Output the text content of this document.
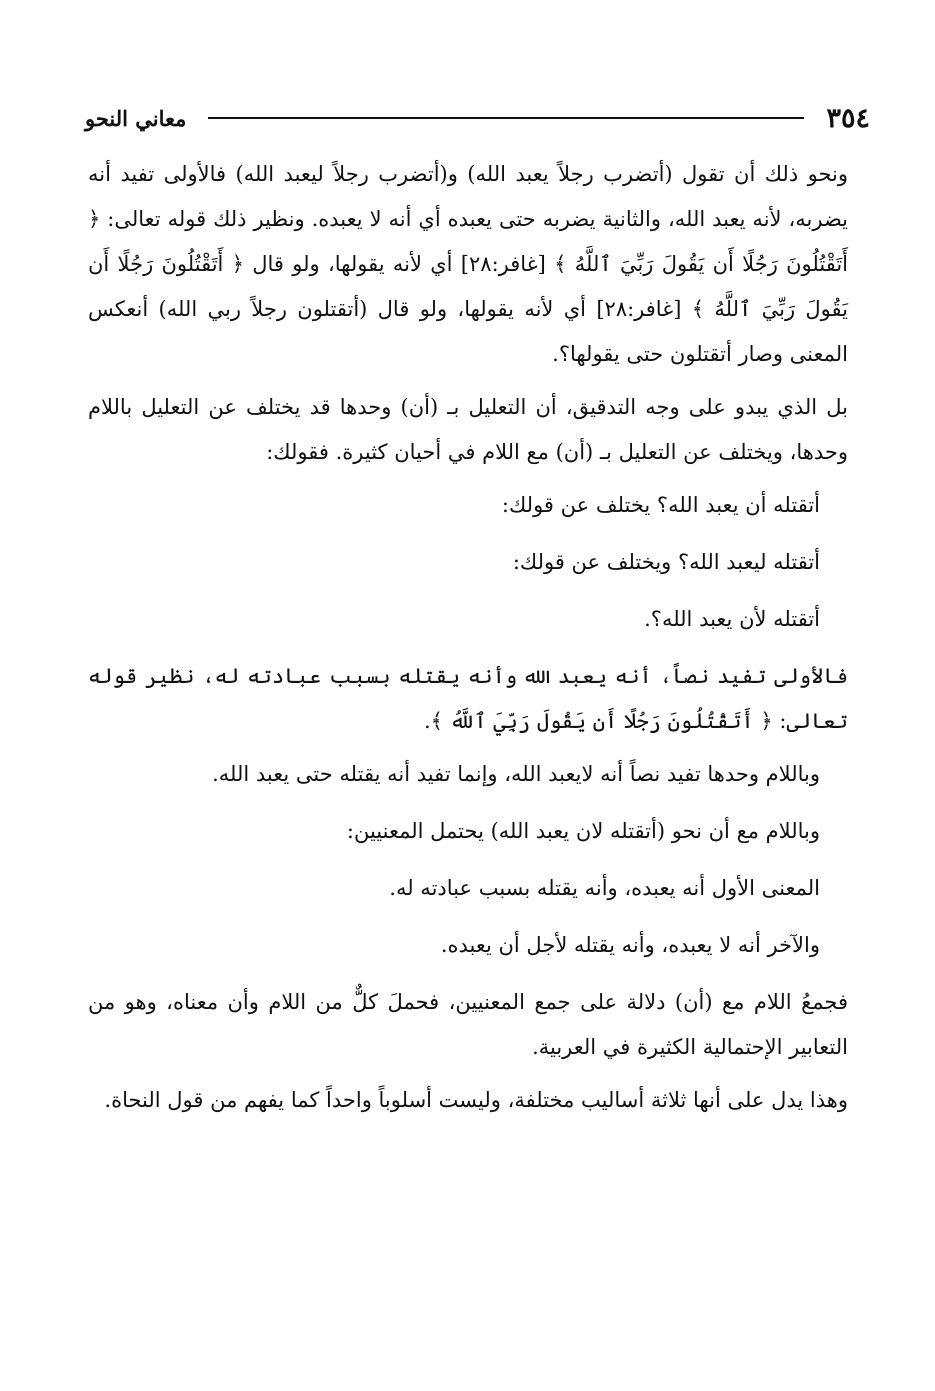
٣٥٤
معاني النحو

ونحو ذلك أن تقول (أتضرب رجلاً يعبد الله) و(أتضرب رجلاً ليعبد الله) فالأولى تفيد أنه يضربه، لأنه يعبد الله، والثانية يضربه حتى يعبده أي أنه لا يعبده. ونظير ذلك قوله تعالى: ﴿ أَتَقْتُلُونَ رَجُلًا أَن يَقُولَ رَبِّيَ ٱللَّهُ ﴾ [غافر:٢٨] أي لأنه يقولها، ولو قال ﴿ أَتَقْتُلُونَ رَجُلًا أَن يَقُولَ رَبِّيَ ٱللَّهُ ﴾ [غافر:٢٨] أي لأنه يقولها، ولو قال (أتقتلون رجلاً ربي الله) أنعكس المعنى وصار أتقتلون حتى يقولها؟.

بل الذي يبدو على وجه التدقيق، أن التعليل بـ (أن) وحدها قد يختلف عن التعليل باللام وحدها، ويختلف عن التعليل بـ (أن) مع اللام في أحيان كثيرة. فقولك:

أتقتله أن يعبد الله؟ يختلف عن قولك:

أتقتله ليعبد الله؟ ويختلف عن قولك:

أتقتله لأن يعبد الله؟.

فالأولى تفيد نصاً، أنه يعبد الله وأنه يقتله بسبب عبادته له، نظير قوله تعالى: ﴿ أَتَقْتُلُونَ رَجُلًا أَن يَقُولَ رَبِّيَ ٱللَّهُ ﴾.

وباللام وحدها تفيد نصاً أنه لايعبد الله، وإنما تفيد أنه يقتله حتى يعبد الله.

وباللام مع أن نحو (أتقتله لان يعبد الله) يحتمل المعنيين:

المعنى الأول أنه يعبده، وأنه يقتله بسبب عبادته له.

والآخر أنه لا يعبده، وأنه يقتله لأجل أن يعبده.

فجمعُ اللام مع (أن) دلالة على جمع المعنيين، فحملَ كلٌّ من اللام وأن معناه، وهو من التعابير الإحتمالية الكثيرة في العربية.

وهذا يدل على أنها ثلاثة أساليب مختلفة، وليست أسلوباً واحداً كما يفهم من قول النحاة.
